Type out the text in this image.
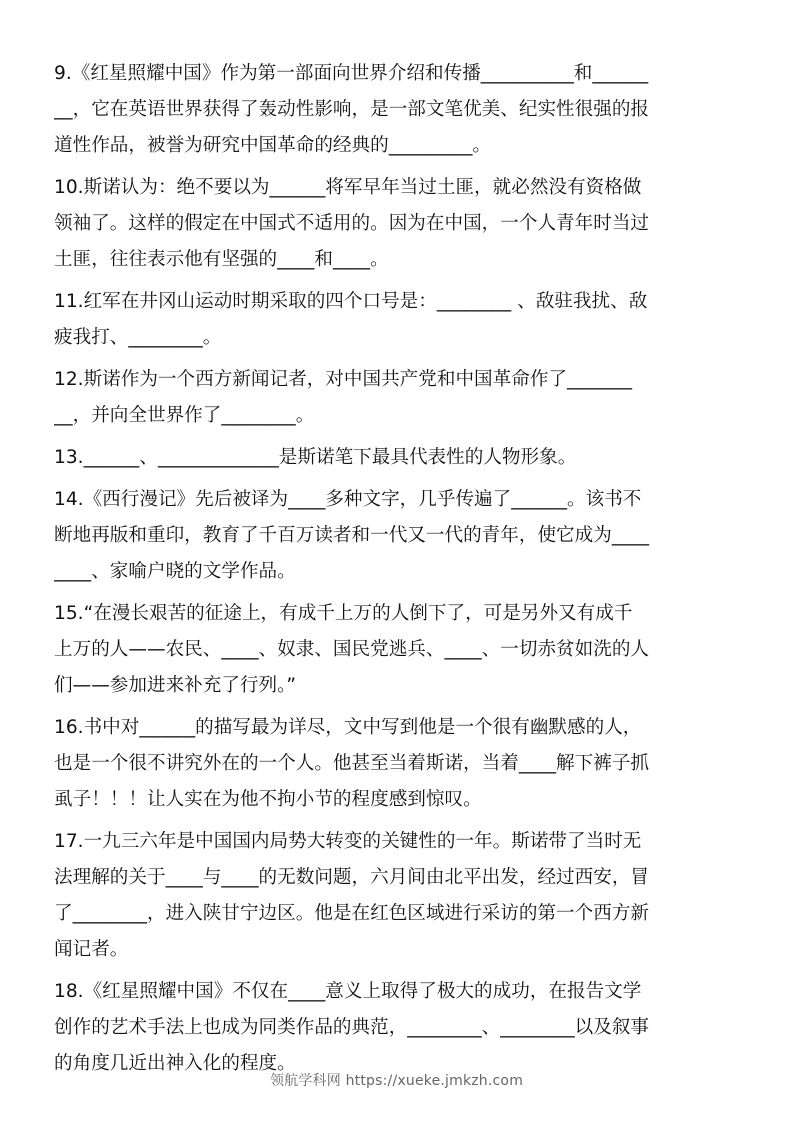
9.《红星照耀中国》作为第一部面向世界介绍和传播__________和______
__，它在英语世界获得了轰动性影响，是一部文笔优美、纪实性很强的报
道性作品，被誉为研究中国革命的经典的_________。
10.斯诺认为：绝不要以为______将军早年当过土匪，就必然没有资格做
领袖了。这样的假定在中国式不适用的。因为在中国，一个人青年时当过
土匪，往往表示他有坚强的____和____。
11.红军在井冈山运动时期采取的四个口号是：________ 、敌驻我扰、敌
疲我打、________。
12.斯诺作为一个西方新闻记者，对中国共产党和中国革命作了_______
__，并向全世界作了________。
13.______、_____________是斯诺笔下最具代表性的人物形象。
14.《西行漫记》先后被译为____多种文字，几乎传遍了______。该书不
断地再版和重印，教育了千百万读者和一代又一代的青年，使它成为____
____、家喻户晓的文学作品。
15.“在漫长艰苦的征途上，有成千上万的人倒下了，可是另外又有成千
上万的人——农民、____、奴隶、国民党逃兵、____、一切赤贫如洗的人
们——参加进来补充了行列。”
16.书中对______的描写最为详尽，文中写到他是一个很有幽默感的人，
也是一个很不讲究外在的一个人。他甚至当着斯诺，当着____解下裤子抓
虱子！！！让人实在为他不拘小节的程度感到惊叹。
17.一九三六年是中国国内局势大转变的关键性的一年。斯诺带了当时无
法理解的关于____与____的无数问题，六月间由北平出发，经过西安，冒
了________，进入陕甘宁边区。他是在红色区域进行采访的第一个西方新
闻记者。
18.《红星照耀中国》不仅在____意义上取得了极大的成功，在报告文学
创作的艺术手法上也成为同类作品的典范，________、________以及叙事
的角度几近出神入化的程度。
领航学科网 https://xueke.jmkzh.com
